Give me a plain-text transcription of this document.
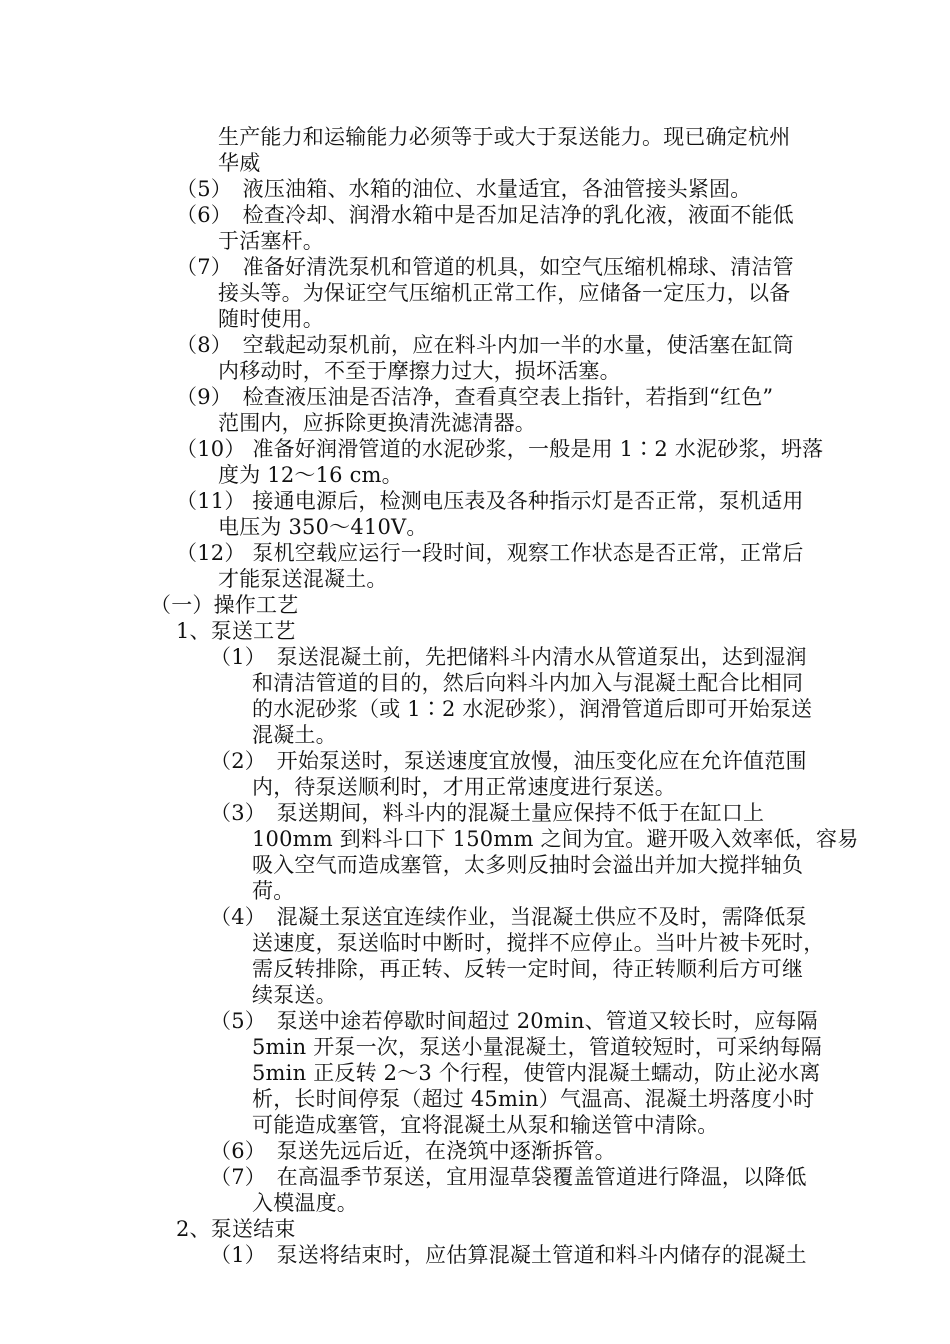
生产能力和运输能力必须等于或大于泵送能力。现已确定杭州
华威
（5）　液压油箱、水箱的油位、水量适宜，各油管接头紧固。
（6）　检查冷却、润滑水箱中是否加足洁净的乳化液，液面不能低
于活塞杆。
（7）　准备好清洗泵机和管道的机具，如空气压缩机棉球、清洁管
接头等。为保证空气压缩机正常工作，应储备一定压力，以备
随时使用。
（8）　空载起动泵机前，应在料斗内加一半的水量，使活塞在缸筒
内移动时，不至于摩擦力过大，损坏活塞。
（9）　检查液压油是否洁净，查看真空表上指针，若指到“红色”
范围内，应拆除更换清洗滤清器。
（10） 准备好润滑管道的水泥砂浆，一般是用 1∶2 水泥砂浆，坍落
度为 12～16 cm。
（11） 接通电源后，检测电压表及各种指示灯是否正常，泵机适用
电压为 350～410V。
（12） 泵机空载应运行一段时间，观察工作状态是否正常，正常后
才能泵送混凝土。
（一）操作工艺
1、泵送工艺
（1）　泵送混凝土前，先把储料斗内清水从管道泵出，达到湿润
和清洁管道的目的，然后向料斗内加入与混凝土配合比相同
的水泥砂浆（或 1∶2 水泥砂浆），润滑管道后即可开始泵送
混凝土。
（2）　开始泵送时，泵送速度宜放慢，油压变化应在允许值范围
内，待泵送顺利时，才用正常速度进行泵送。
（3）　泵送期间，料斗内的混凝土量应保持不低于在缸口上
100mm 到料斗口下 150mm 之间为宜。避开吸入效率低，容易
吸入空气而造成塞管，太多则反抽时会溢出并加大搅拌轴负
荷。
（4）　混凝土泵送宜连续作业，当混凝土供应不及时，需降低泵
送速度，泵送临时中断时，搅拌不应停止。当叶片被卡死时，
需反转排除，再正转、反转一定时间，待正转顺利后方可继
续泵送。
（5）　泵送中途若停歇时间超过 20min、管道又较长时，应每隔
5min 开泵一次，泵送小量混凝土，管道较短时，可采纳每隔
5min 正反转 2～3 个行程，使管内混凝土蠕动，防止泌水离
析，长时间停泵（超过 45min）气温高、混凝土坍落度小时
可能造成塞管，宜将混凝土从泵和输送管中清除。
（6）　泵送先远后近，在浇筑中逐渐拆管。
（7）　在高温季节泵送，宜用湿草袋覆盖管道进行降温，以降低
入模温度。
2、泵送结束
（1）　泵送将结束时，应估算混凝土管道和料斗内储存的混凝土
